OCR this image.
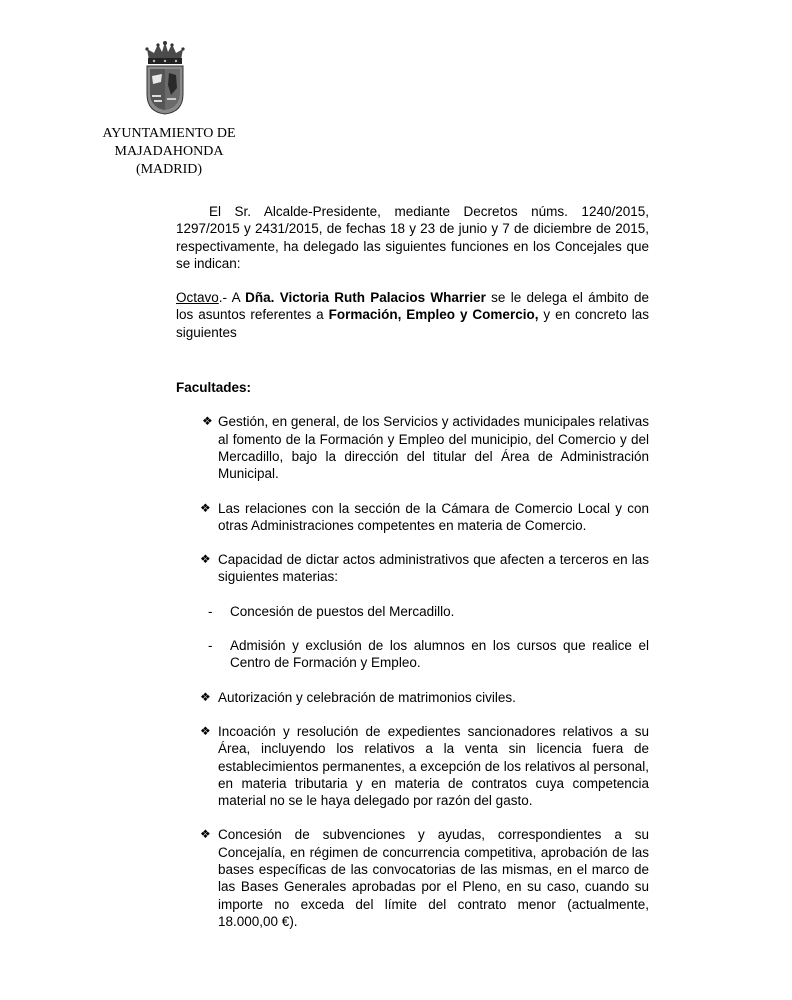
AYUNTAMIENTO DE
MAJADAHONDA
(MADRID)

El Sr. Alcalde-Presidente, mediante Decretos núms. 1240/2015, 1297/2015 y 2431/2015, de fechas 18 y 23 de junio y 7 de diciembre de 2015, respectivamente, ha delegado las siguientes funciones en los Concejales que se indican:

Octavo.- A Dña. Victoria Ruth Palacios Wharrier se le delega el ámbito de los asuntos referentes a Formación, Empleo y Comercio, y en concreto las siguientes

Facultades:

❖ Gestión, en general, de los Servicios y actividades municipales relativas al fomento de la Formación y Empleo del municipio, del Comercio y del Mercadillo, bajo la dirección del titular del Área de Administración Municipal.
❖ Las relaciones con la sección de la Cámara de Comercio Local y con otras Administraciones competentes en materia de Comercio.
❖ Capacidad de dictar actos administrativos que afecten a terceros en las siguientes materias:
- Concesión de puestos del Mercadillo.
- Admisión y exclusión de los alumnos en los cursos que realice el Centro de Formación y Empleo.
❖ Autorización y celebración de matrimonios civiles.
❖ Incoación y resolución de expedientes sancionadores relativos a su Área, incluyendo los relativos a la venta sin licencia fuera de establecimientos permanentes, a excepción de los relativos al personal, en materia tributaria y en materia de contratos cuya competencia material no se le haya delegado por razón del gasto.
❖ Concesión de subvenciones y ayudas, correspondientes a su Concejalía, en régimen de concurrencia competitiva, aprobación de las bases específicas de las convocatorias de las mismas, en el marco de las Bases Generales aprobadas por el Pleno, en su caso, cuando su importe no exceda del límite del contrato menor (actualmente, 18.000,00 €).
